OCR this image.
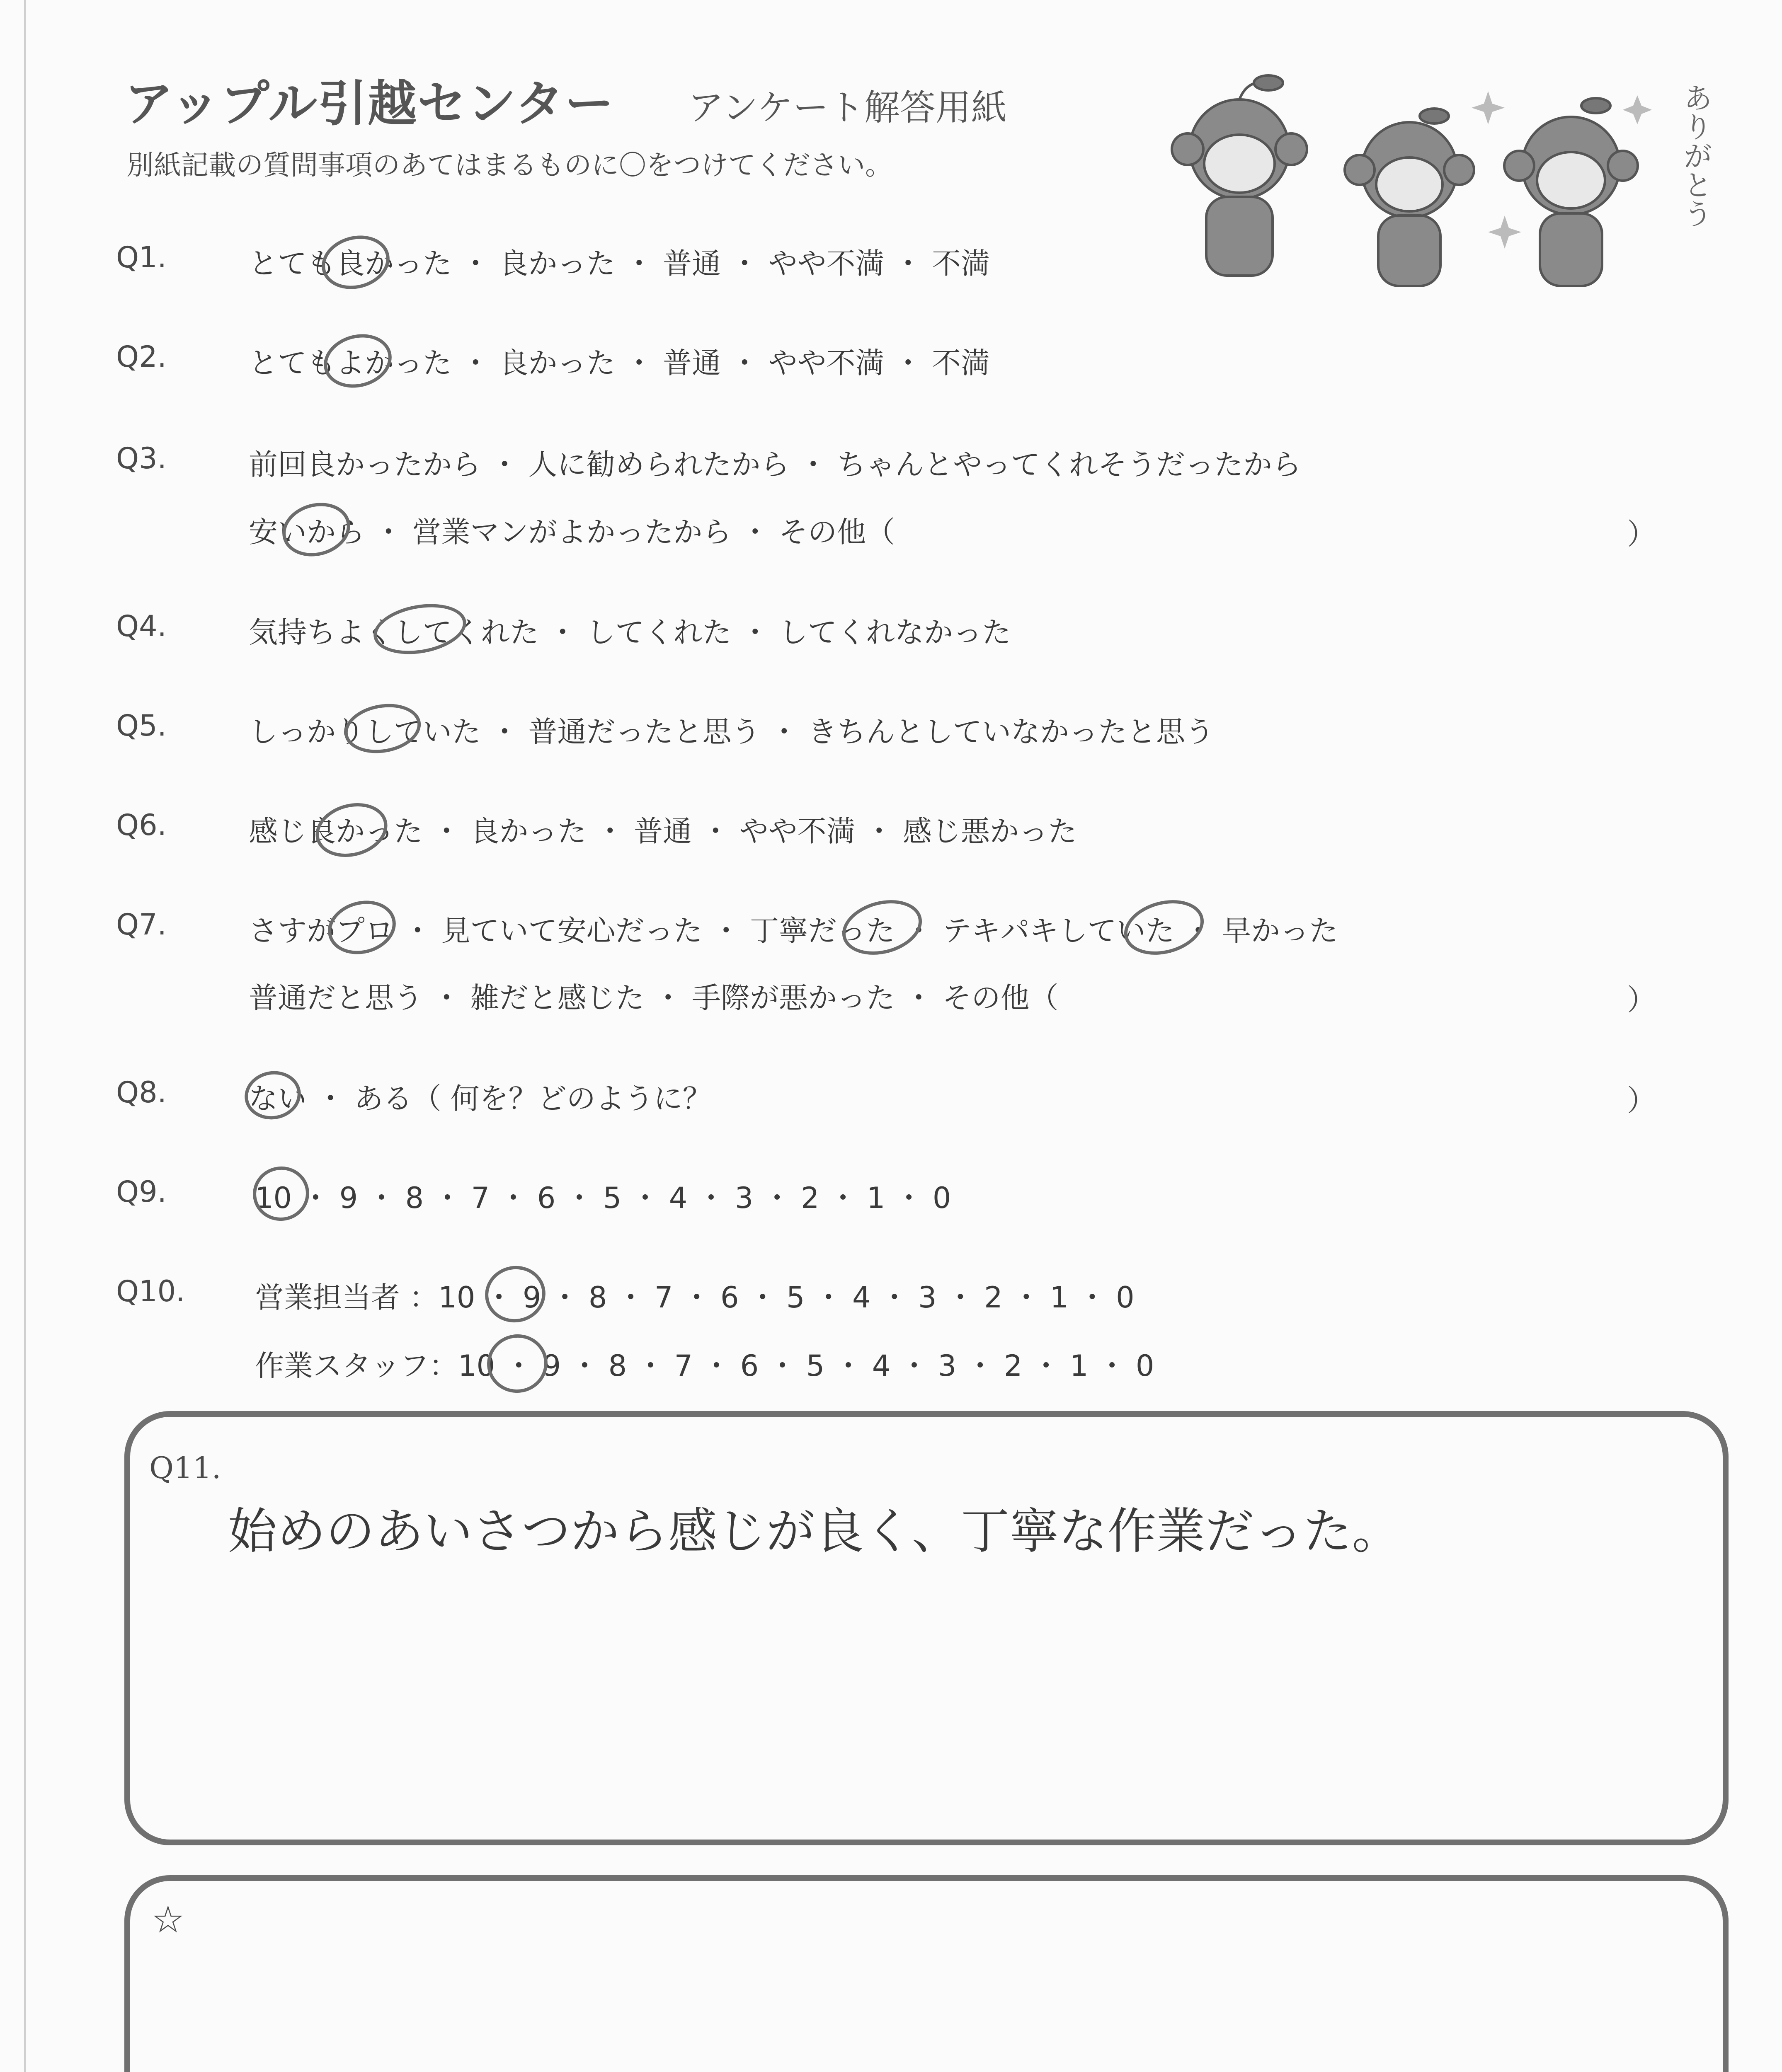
アップル引越センター アンケート解答用紙
別紙記載の質問事項のあてはまるものに〇をつけてください。	ありがとう
Q1.	とても良かった ・ 良かった ・ 普通 ・ やや不満 ・ 不満
Q2.	とてもよかった ・ 良かった ・ 普通 ・ やや不満 ・ 不満
Q3.	前回良かったから ・ 人に勧められたから ・ ちゃんとやってくれそうだったから
安いから ・ 営業マンがよかったから ・ その他（	）
Q4.	気持ちよくしてくれた ・ してくれた ・ してくれなかった
Q5.	しっかりしていた ・ 普通だったと思う ・ きちんとしていなかったと思う
Q6.	感じ良かった ・ 良かった ・ 普通 ・ やや不満 ・ 感じ悪かった
Q7.	さすがプロ ・ 見ていて安心だった ・ 丁寧だった ・ テキパキしていた ・ 早かった
普通だと思う ・ 雑だと感じた ・ 手際が悪かった ・ その他（	）
Q8.	ない ・ ある（ 何を？どのように？	）
Q9.	10 ・ 9 ・ 8 ・ 7 ・ 6 ・ 5 ・ 4 ・ 3 ・ 2 ・ 1 ・ 0
Q10. 営業担当者 ：10 ・ 9 ・ 8 ・ 7 ・ 6 ・ 5 ・ 4 ・ 3 ・ 2 ・ 1 ・ 0
作業スタッフ：10 ・ 9 ・ 8 ・ 7 ・ 6 ・ 5 ・ 4 ・ 3 ・ 2 ・ 1 ・ 0
Q11.
始めのあいさつから感じが良く、丁寧な作業だった。
☆
